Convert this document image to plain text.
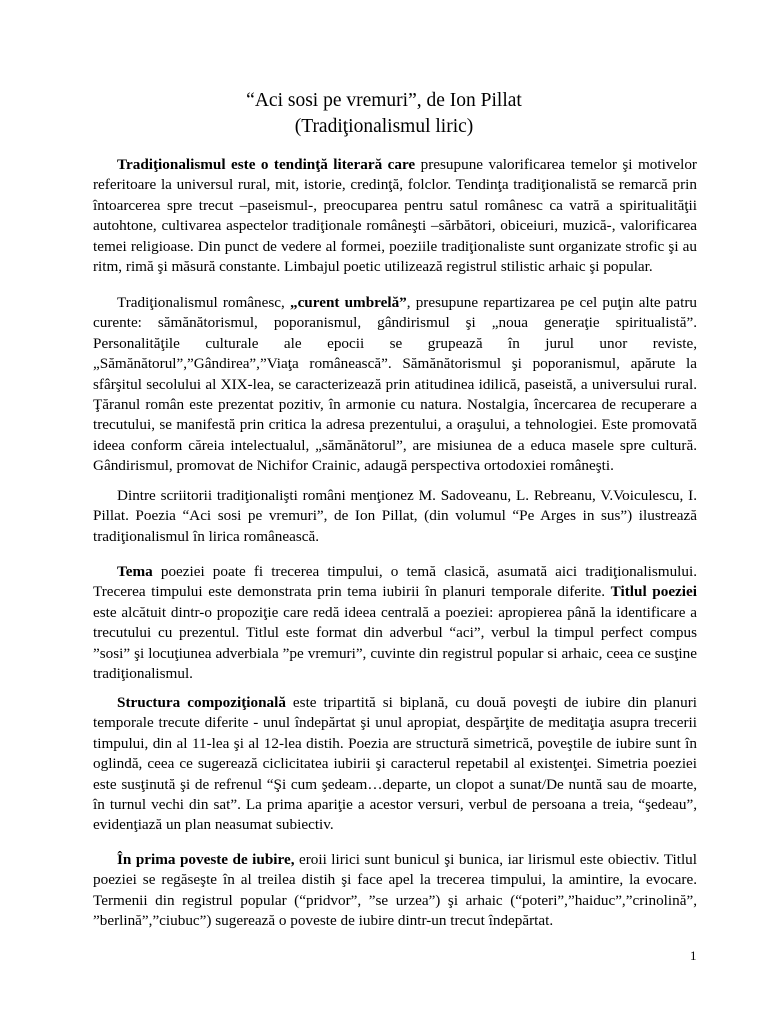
“Aci sosi pe vremuri”, de Ion Pillat
(Tradiţionalismul liric)

Tradiţionalismul este o tendinţă literară care presupune valorificarea temelor şi motivelor referitoare la universul rural, mit, istorie, credinţă, folclor. Tendinţa tradiţionalistă se remarcă prin întoarcerea spre trecut –paseismul-, preocuparea pentru satul românesc ca vatră a spiritualităţii autohtone, cultivarea aspectelor tradiţionale româneşti –sărbători, obiceiuri, muzică-, valorificarea temei religioase. Din punct de vedere al formei, poeziile tradiţionaliste sunt organizate strofic şi au ritm, rimă şi măsură constante. Limbajul poetic utilizează registrul stilistic arhaic şi popular.

Tradiţionalismul românesc, „curent umbrelă”, presupune repartizarea pe cel puţin alte patru curente: sămănătorismul, poporanismul, gândirismul şi „noua generaţie spiritualistă”. Personalităţile culturale ale epocii se grupează în jurul unor reviste, „Sămănătorul”,”Gândirea”,”Viaţa românească”. Sămănătorismul şi poporanismul, apărute la sfârşitul secolului al XIX-lea, se caracterizează prin atitudinea idilică, paseistă, a universului rural. Ţăranul român este prezentat pozitiv, în armonie cu natura. Nostalgia, încercarea de recuperare a trecutului, se manifestă prin critica la adresa prezentului, a oraşului, a tehnologiei. Este promovată ideea conform căreia intelectualul, „sămănătorul”, are misiunea de a educa masele spre cultură. Gândirismul, promovat de Nichifor Crainic, adaugă perspectiva ortodoxiei româneşti.

Dintre scriitorii tradiţionalişti români menţionez M. Sadoveanu, L. Rebreanu, V.Voiculescu, I. Pillat. Poezia “Aci sosi pe vremuri”, de Ion Pillat, (din volumul “Pe Arges in sus”) ilustrează tradiţionalismul în lirica românească.

Tema poeziei poate fi trecerea timpului, o temă clasică, asumată aici tradiţionalismului. Trecerea timpului este demonstrata prin tema iubirii în planuri temporale diferite. Titlul poeziei este alcătuit dintr-o propoziţie care redă ideea centrală a poeziei: apropierea până la identificare a trecutului cu prezentul. Titlul este format din adverbul “aci”, verbul la timpul perfect compus ”sosi” şi locuţiunea adverbiala ”pe vremuri”, cuvinte din registrul popular si arhaic, ceea ce susţine tradiţionalismul.

Structura compoziţională este tripartită si biplană, cu două poveşti de iubire din planuri temporale trecute diferite - unul îndepărtat şi unul apropiat, despărţite de meditaţia asupra trecerii timpului, din al 11-lea şi al 12-lea distih. Poezia are structură simetrică, poveştile de iubire sunt în oglindă, ceea ce sugerează ciclicitatea iubirii şi caracterul repetabil al existenţei. Simetria poeziei este susţinută şi de refrenul “Şi cum şedeam…departe, un clopot a sunat/De nuntă sau de moarte, în turnul vechi din sat”. La prima apariţie a acestor versuri, verbul de persoana a treia, “şedeau”, evidenţiază un plan neasumat subiectiv.

În prima poveste de iubire, eroii lirici sunt bunicul şi bunica, iar lirismul este obiectiv. Titlul poeziei se regăseşte în al treilea distih şi face apel la trecerea timpului, la amintire, la evocare. Termenii din registrul popular (“pridvor”, ”se urzea”) şi arhaic (“poteri”,”haiduc”,”crinolină”, ”berlină”,”ciubuc”) sugerează o poveste de iubire dintr-un trecut îndepărtat.

1
